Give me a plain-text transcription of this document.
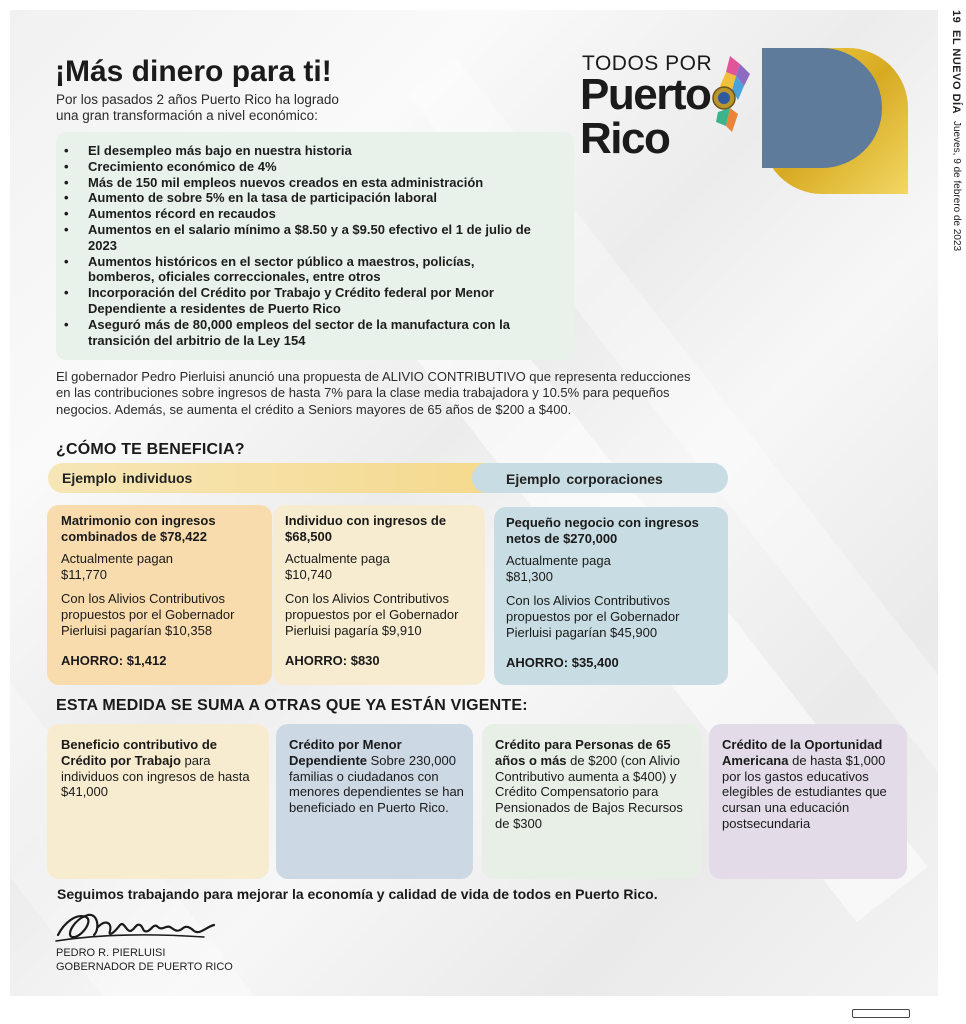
19 EL NUEVO DÍA Jueves, 9 de febrero de 2023
TODOS POR
Puerto
Rico
¡Más dinero para ti!
Por los pasados 2 años Puerto Rico ha logrado
una gran transformación a nivel económico:
• El desempleo más bajo en nuestra historia
• Crecimiento económico de 4%
• Más de 150 mil empleos nuevos creados en esta administración
• Aumento de sobre 5% en la tasa de participación laboral
• Aumentos récord en recaudos
• Aumentos en el salario mínimo a $8.50 y a $9.50 efectivo el 1 de julio de 2023
• Aumentos históricos en el sector público a maestros, policías, bomberos, oficiales correccionales, entre otros
• Incorporación del Crédito por Trabajo y Crédito federal por Menor Dependiente a residentes de Puerto Rico
• Aseguró más de 80,000 empleos del sector de la manufactura con la transición del arbitrio de la Ley 154
El gobernador Pedro Pierluisi anunció una propuesta de ALIVIO CONTRIBUTIVO que representa reducciones en las contribuciones sobre ingresos de hasta 7% para la clase media trabajadora y 10.5% para pequeños negocios. Además, se aumenta el crédito a Seniors mayores de 65 años de $200 a $400.
¿CÓMO TE BENEFICIA?
Ejemplo individuos	Ejemplo corporaciones
Matrimonio con ingresos combinados de $78,422
Actualmente pagan $11,770
Con los Alivios Contributivos propuestos por el Gobernador Pierluisi pagarían $10,358
AHORRO: $1,412
Individuo con ingresos de $68,500
Actualmente paga $10,740
Con los Alivios Contributivos propuestos por el Gobernador Pierluisi pagaría $9,910
AHORRO: $830
Pequeño negocio con ingresos netos de $270,000
Actualmente paga $81,300
Con los Alivios Contributivos propuestos por el Gobernador Pierluisi pagarían $45,900
AHORRO: $35,400
ESTA MEDIDA SE SUMA A OTRAS QUE YA ESTÁN VIGENTE:
Beneficio contributivo de Crédito por Trabajo para individuos con ingresos de hasta $41,000
Crédito por Menor Dependiente Sobre 230,000 familias o ciudadanos con menores dependientes se han beneficiado en Puerto Rico.
Crédito para Personas de 65 años o más de $200 (con Alivio Contributivo aumenta a $400) y Crédito Compensatorio para Pensionados de Bajos Recursos de $300
Crédito de la Oportunidad Americana de hasta $1,000 por los gastos educativos elegibles de estudiantes que cursan una educación postsecundaria
Seguimos trabajando para mejorar la economía y calidad de vida de todos en Puerto Rico.
PEDRO R. PIERLUISI
GOBERNADOR DE PUERTO RICO
